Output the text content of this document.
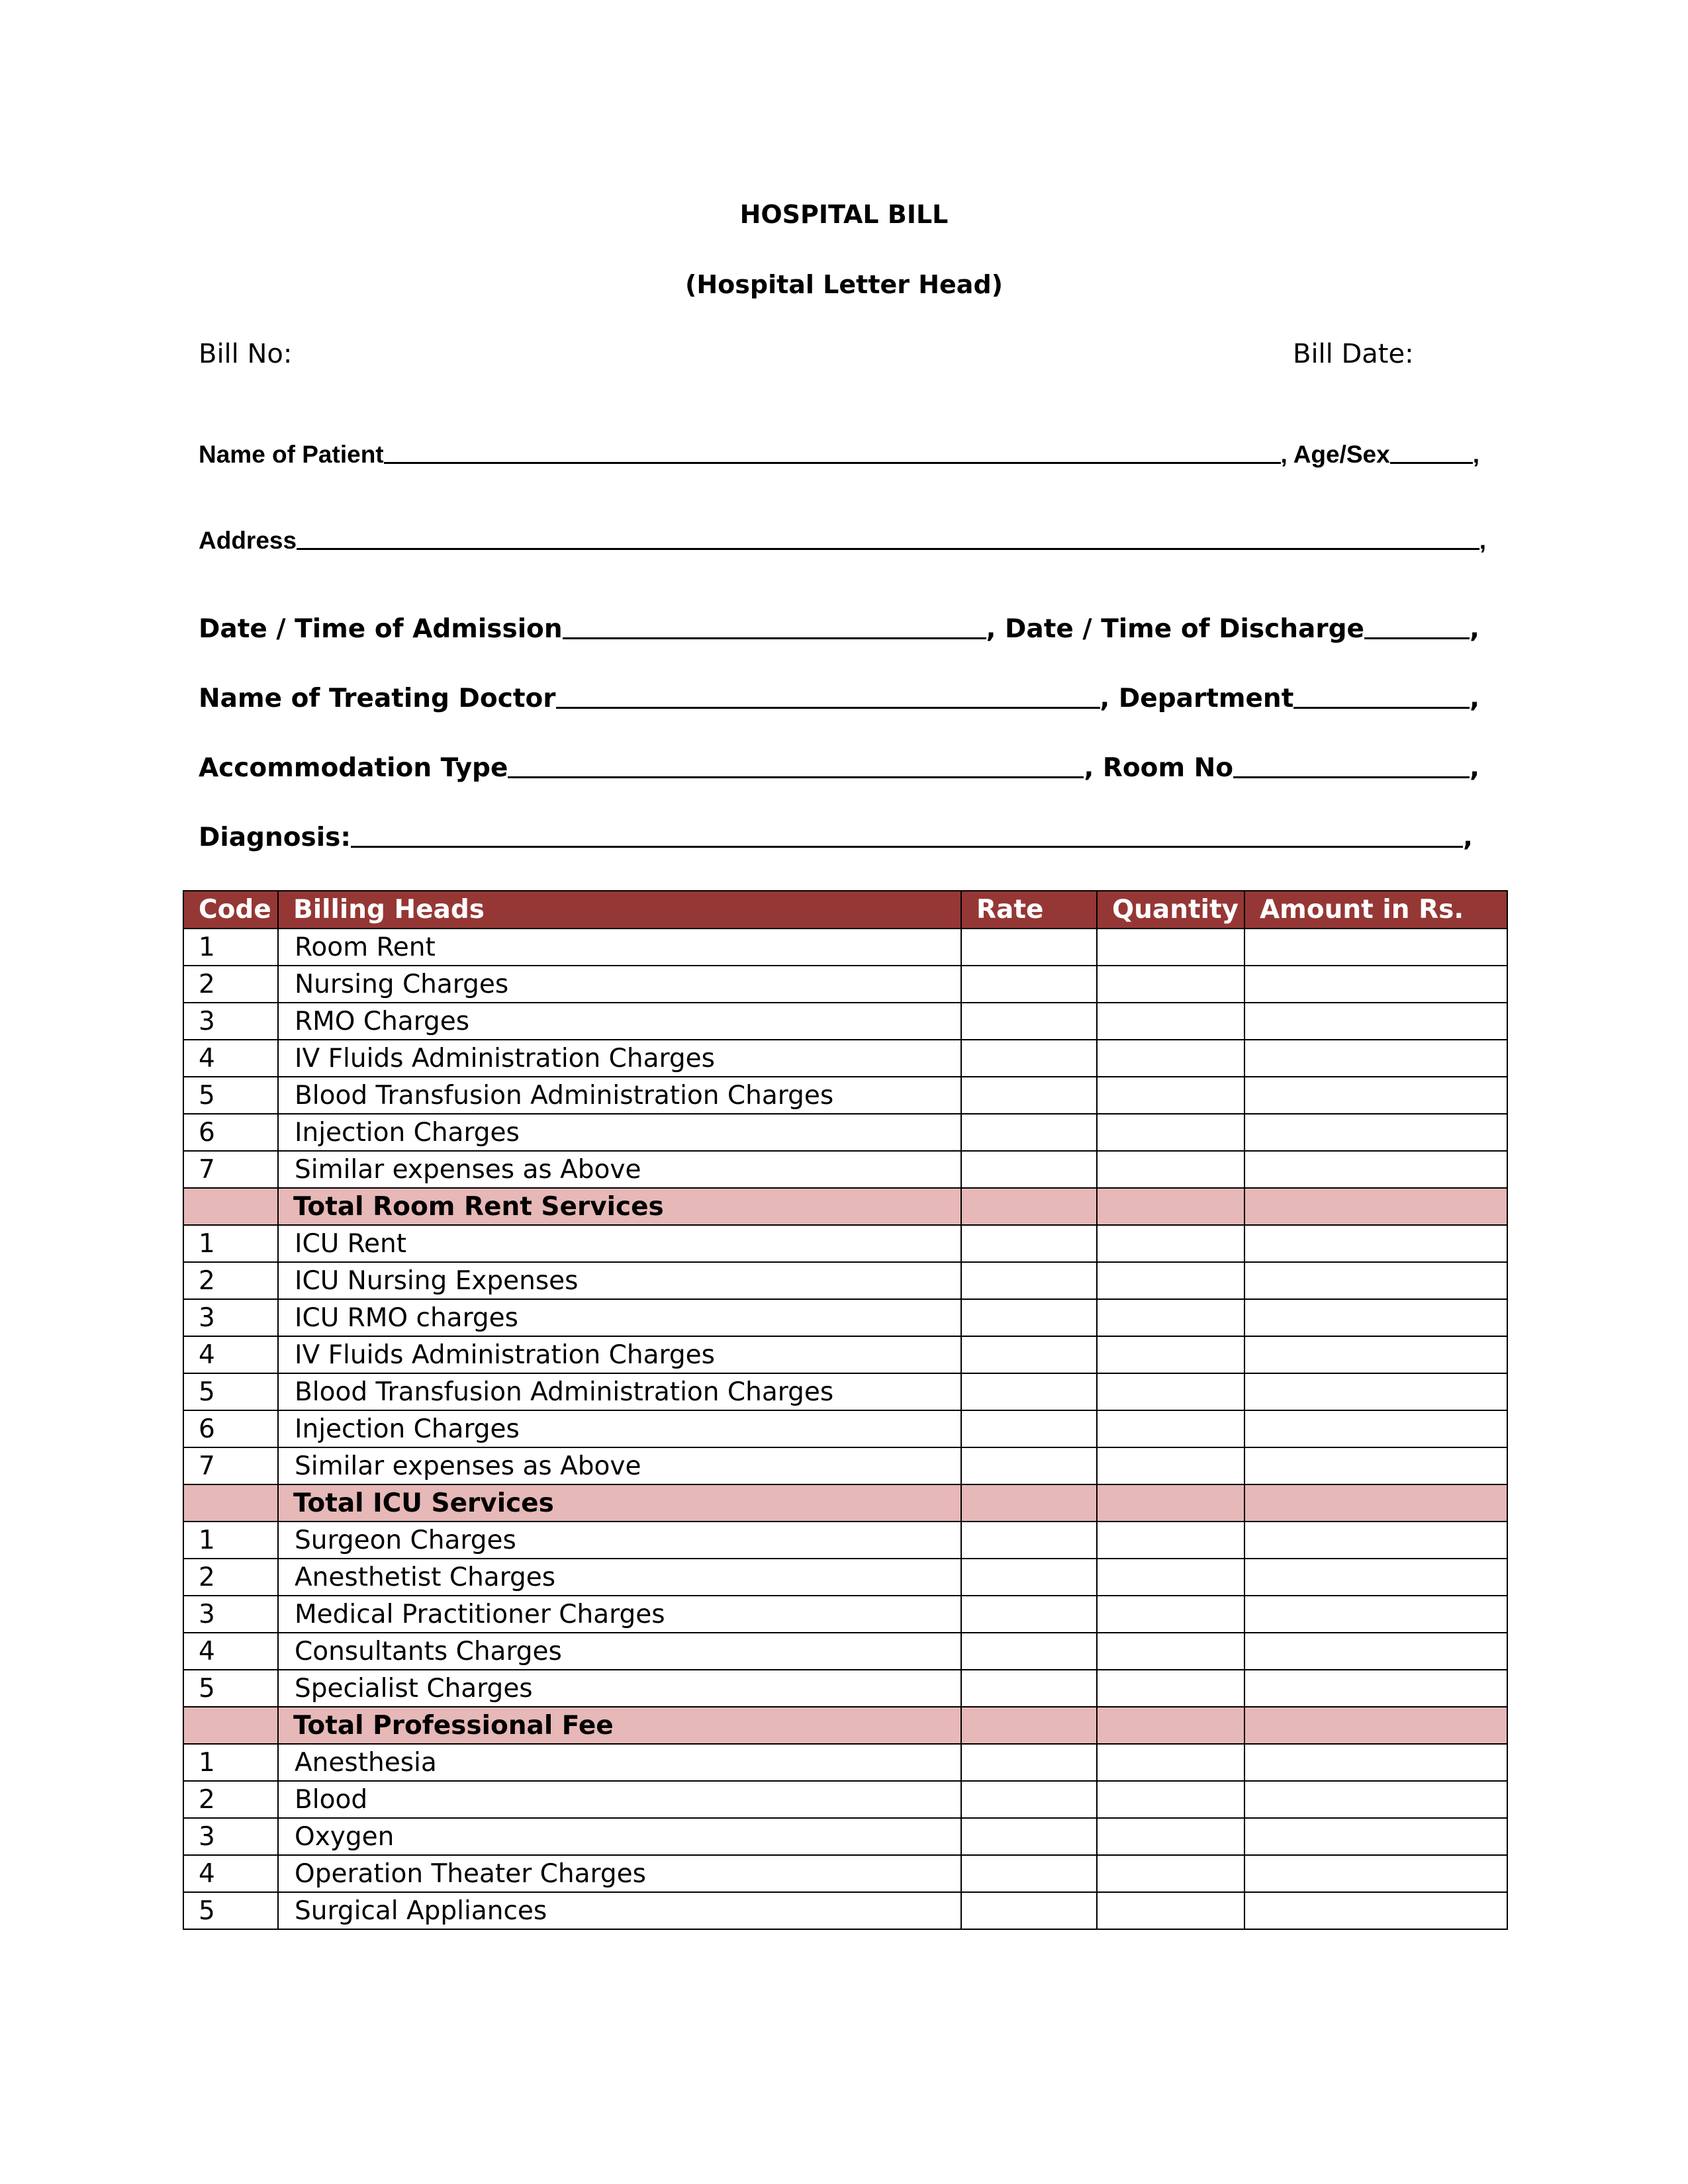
HOSPITAL BILL
(Hospital Letter Head)
Bill No:	Bill Date:
Name of Patient	, Age/Sex	,
Address	,
Date / Time of Admission	, Date / Time of Discharge	,
Name of Treating Doctor	, Department	,
Accommodation Type	, Room No	,
Diagnosis:	,
Code	Billing Heads	Rate	Quantity	Amount in Rs.
1	Room Rent			
2	Nursing Charges			
3	RMO Charges			
4	IV Fluids Administration Charges			
5	Blood Transfusion Administration Charges			
6	Injection Charges			
7	Similar expenses as Above			
	Total Room Rent Services			
1	ICU Rent			
2	ICU Nursing Expenses			
3	ICU RMO charges			
4	IV Fluids Administration Charges			
5	Blood Transfusion Administration Charges			
6	Injection Charges			
7	Similar expenses as Above			
	Total ICU Services			
1	Surgeon Charges			
2	Anesthetist Charges			
3	Medical Practitioner Charges			
4	Consultants Charges			
5	Specialist Charges			
	Total Professional Fee			
1	Anesthesia			
2	Blood			
3	Oxygen			
4	Operation Theater Charges			
5	Surgical Appliances			
